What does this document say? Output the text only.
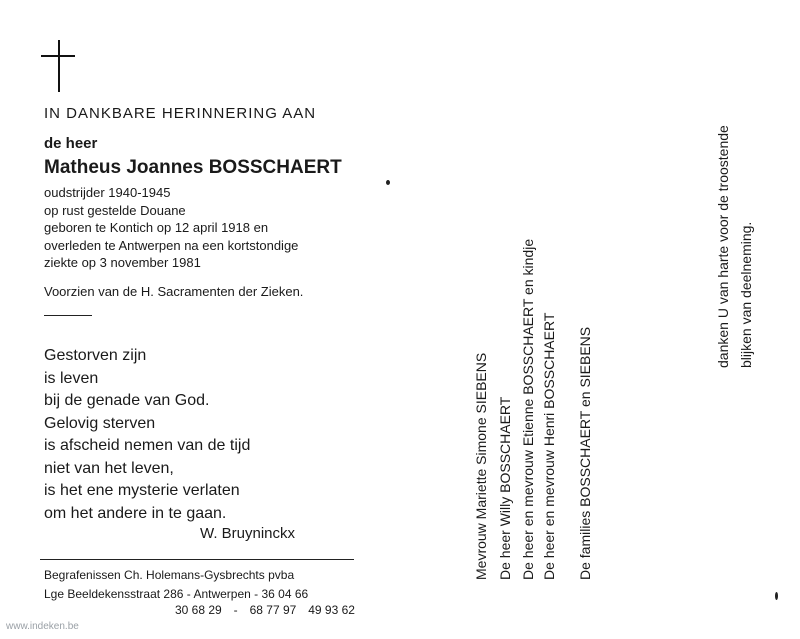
IN DANKBARE HERINNERING AAN
de heer
Matheus Joannes BOSSCHAERT
oudstrijder 1940-1945
op rust gestelde Douane
geboren te Kontich op 12 april 1918 en
overleden te Antwerpen na een kortstondige
ziekte op 3 november 1981
Voorzien van de H. Sacramenten der Zieken.
Gestorven zijn
is leven
bij de genade van God.
Gelovig sterven
is afscheid nemen van de tijd
niet van het leven,
is het ene mysterie verlaten
om het andere in te gaan.
W. Bruyninckx
Begrafenissen Ch. Holemans-Gysbrechts pvba
Lge Beeldekensstraat 286 - Antwerpen - 36 04 66
30 68 29 - 68 77 97 49 93 62
Mevrouw Mariette Simone SIEBENS De heer Willy BOSSCHAERT De heer en mevrouw Etienne BOSSCHAERT en kindje De heer en mevrouw Henri BOSSCHAERT De families BOSSCHAERT en SIEBENS
danken U van harte voor de troostende blijken van deelneming.
www.indeken.be
